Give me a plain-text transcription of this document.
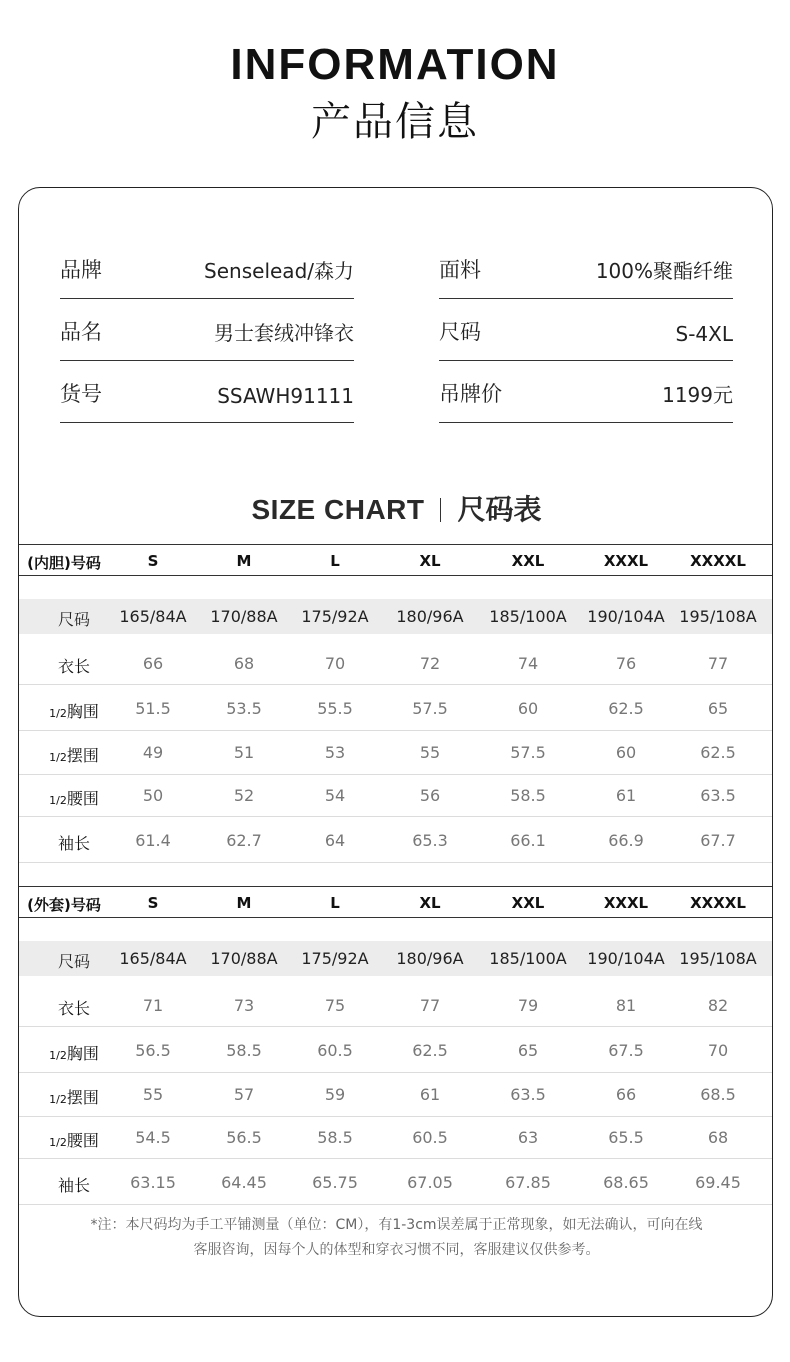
INFORMATION
产品信息
品牌	Senselead/森力
品名	男士套绒冲锋衣
货号	SSAWH91111
面料	100%聚酯纤维
尺码	S-4XL
吊牌价	1199元
SIZE CHART 尺码表
(内胆)号码	S	M	L	XL	XXL	XXXL	XXXXL
尺码	165/84A	170/88A	175/92A	180/96A	185/100A	190/104A 195/108A
衣长	66	68	70	72	74	76	77
1/2胸围	51.5	53.5	55.5	57.5	60	62.5	65
1/2摆围	49	51	53	55	57.5	60	62.5
1/2腰围	50	52	54	56	58.5	61	63.5
袖长	61.4	62.7	64	65.3	66.1	66.9	67.7
(外套)号码	S	M	L	XL	XXL	XXXL	XXXXL
尺码	165/84A	170/88A	175/92A	180/96A	185/100A	190/104A 195/108A
衣长	71	73	75	77	79	81	82
1/2胸围	56.5	58.5	60.5	62.5	65	67.5	70
1/2摆围	55	57	59	61	63.5	66	68.5
1/2腰围	54.5	56.5	58.5	60.5	63	65.5	68
袖长	63.15	64.45	65.75	67.05	67.85	68.65	69.45
*注：本尺码均为手工平铺测量（单位：CM），有1-3cm误差属于正常现象，如无法确认，可向在线
客服咨询，因每个人的体型和穿衣习惯不同，客服建议仅供参考。
